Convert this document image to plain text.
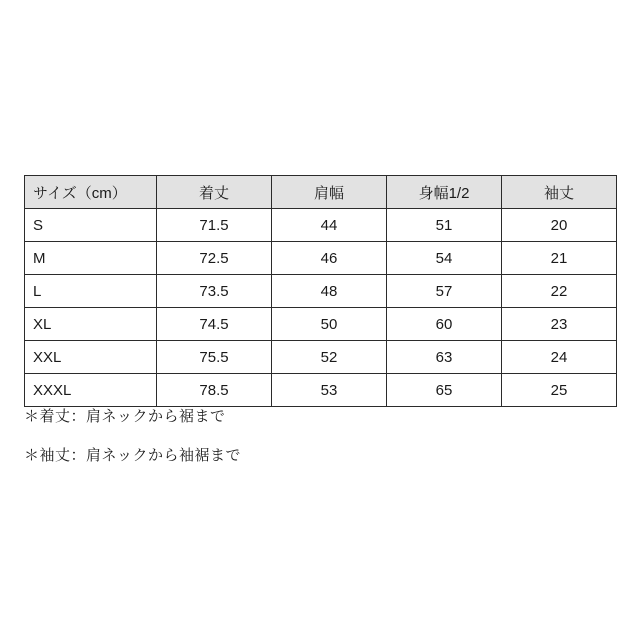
サイズ（cm）	着丈	肩幅	身幅1/2	袖丈
S	71.5	44	51	20
M	72.5	46	54	21
L	73.5	48	57	22
XL	74.5	50	60	23
XXL	75.5	52	63	24
XXXL	78.5	53	65	25
＊着丈：肩ネックから裾まで
＊袖丈：肩ネックから袖裾まで
